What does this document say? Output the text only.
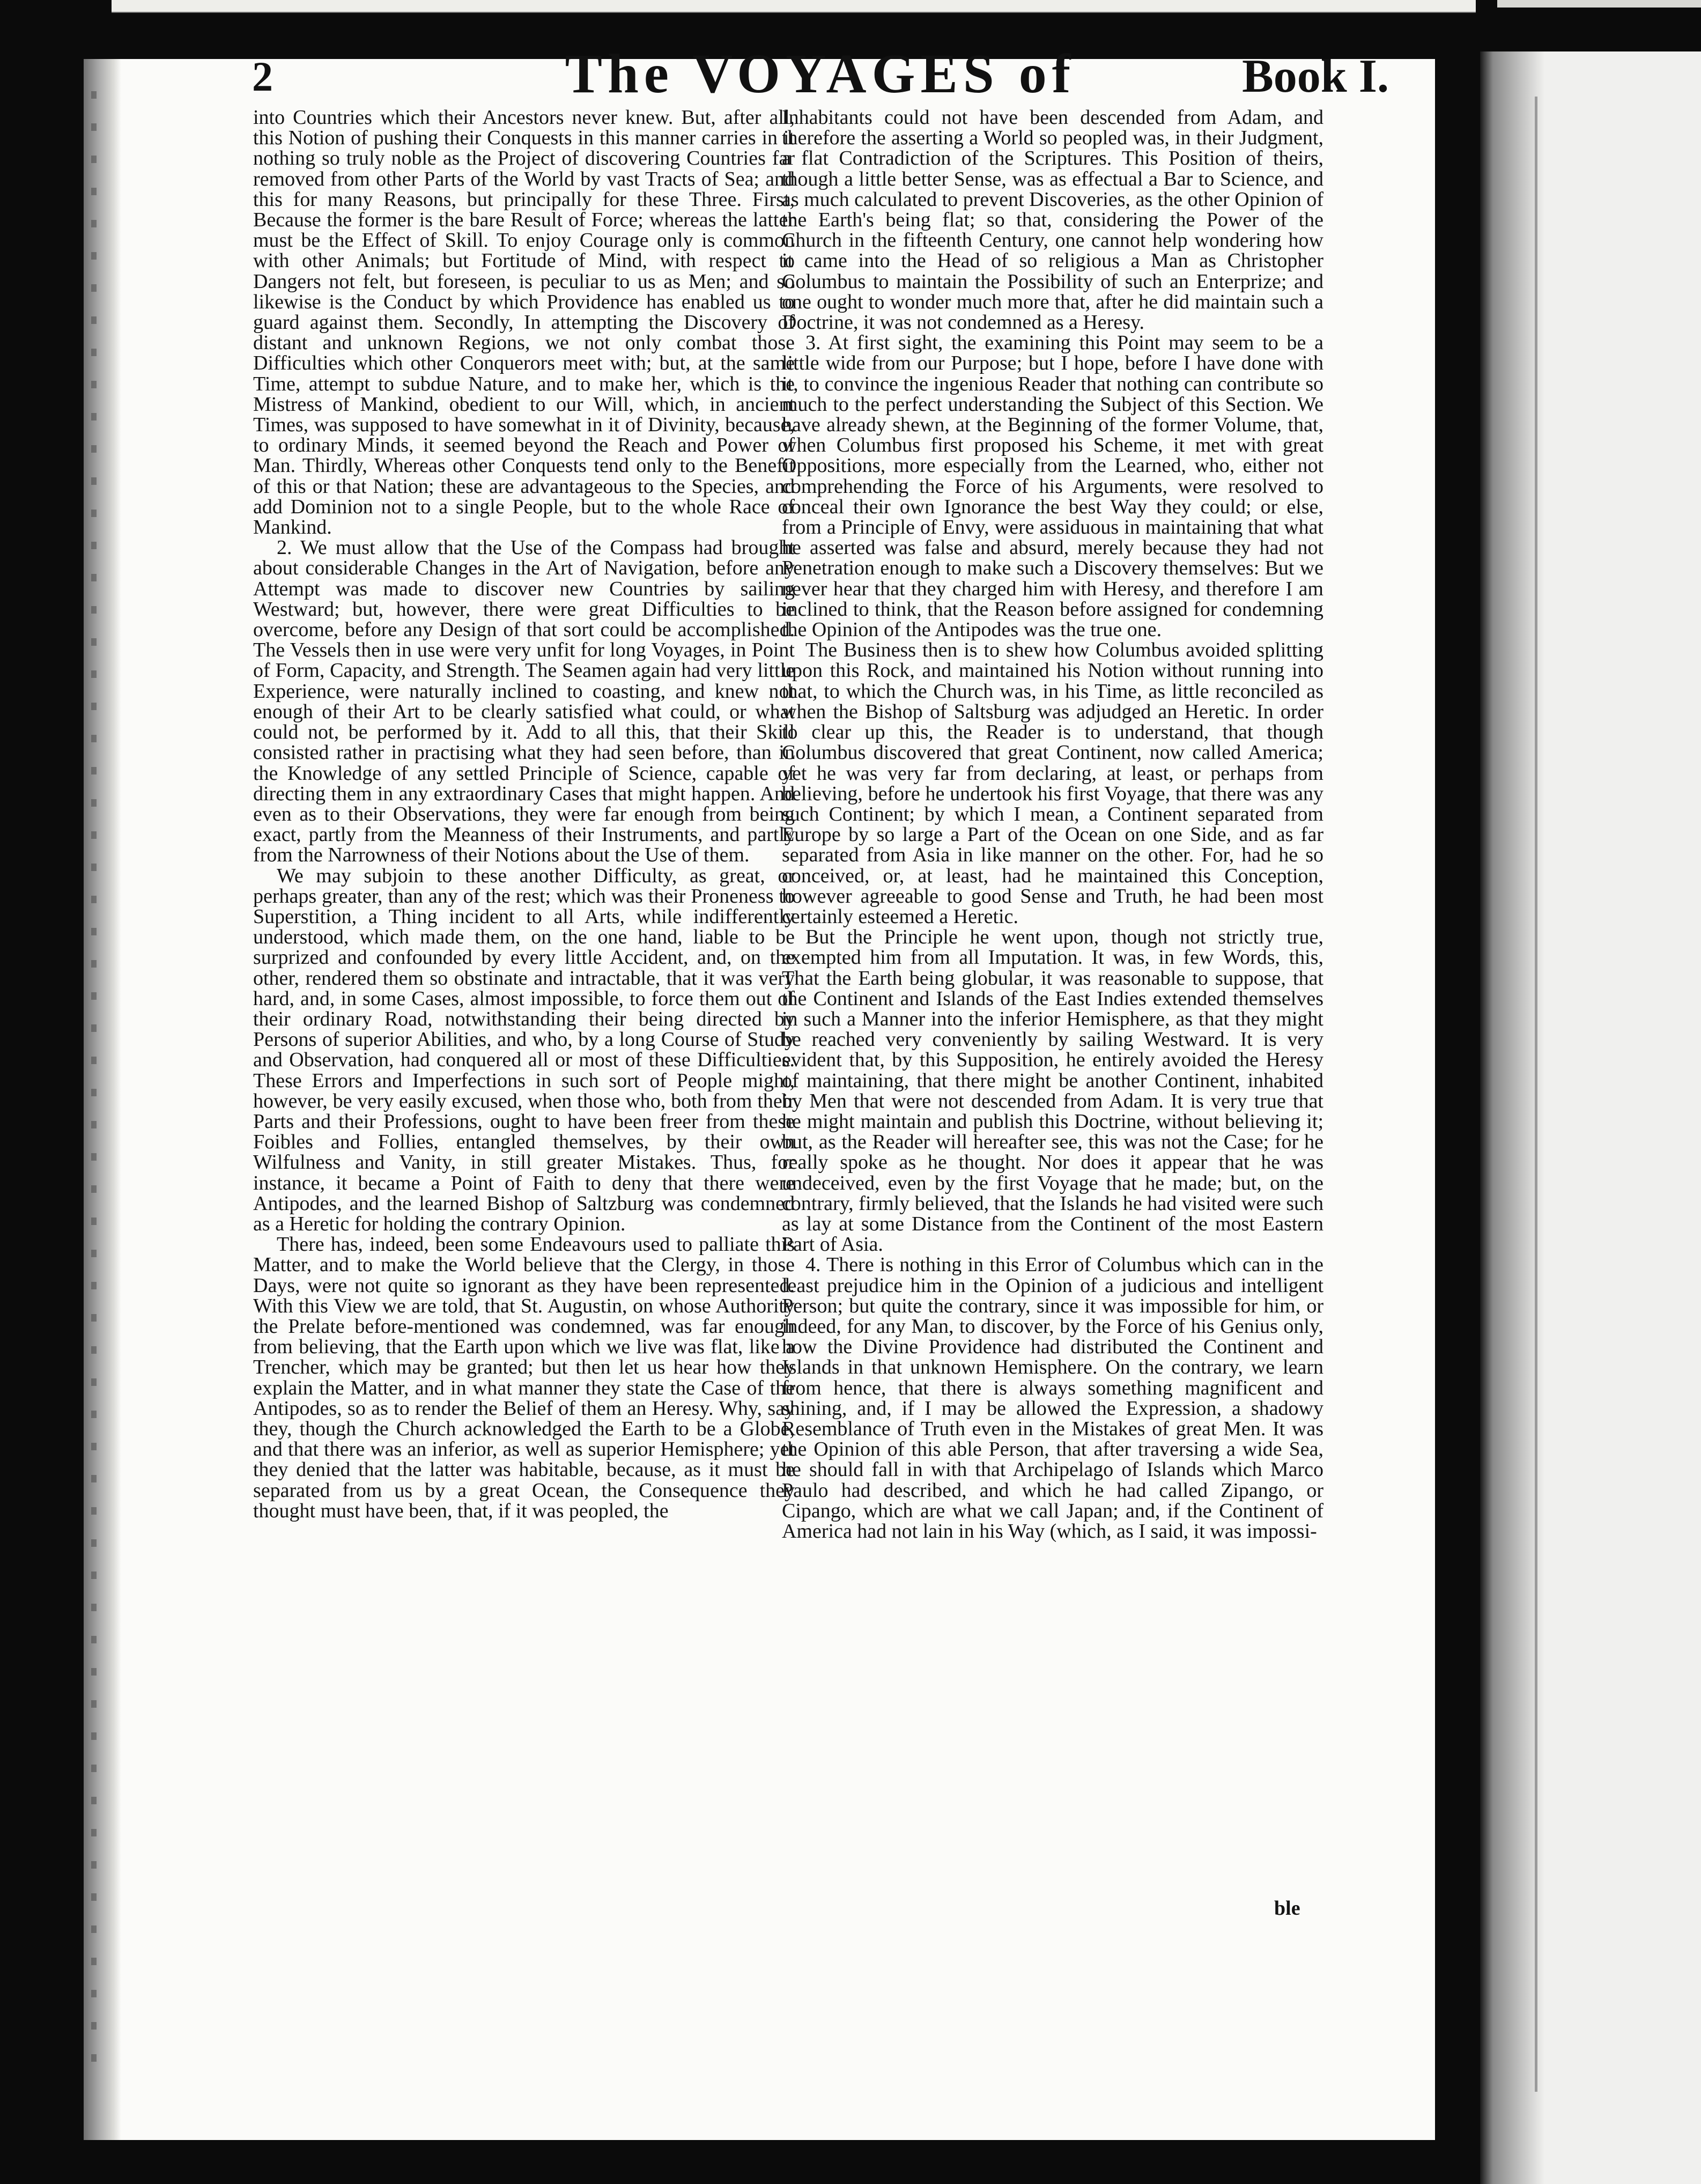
2	The VOYAGES of	Book I.

into Countries which their Ancestors never knew. But, after all, this Notion of pushing their Conquests in this manner carries in it nothing so truly noble as the Project of discovering Countries far removed from other Parts of the World by vast Tracts of Sea; and this for many Reasons, but principally for these Three. First, Because the former is the bare Result of Force; whereas the latter must be the Effect of Skill. To enjoy Courage only is common with other Animals; but Fortitude of Mind, with respect to Dangers not felt, but foreseen, is peculiar to us as Men; and so likewise is the Conduct by which Providence has enabled us to guard against them. Secondly, In attempting the Discovery of distant and unknown Regions, we not only combat those Difficulties which other Conquerors meet with; but, at the same Time, attempt to subdue Nature, and to make her, which is the Mistress of Mankind, obedient to our Will, which, in ancient Times, was supposed to have somewhat in it of Divinity, because, to ordinary Minds, it seemed beyond the Reach and Power of Man. Thirdly, Whereas other Conquests tend only to the Benefit of this or that Nation; these are advantageous to the Species, and add Dominion not to a single People, but to the whole Race of Mankind.

2. We must allow that the Use of the Compass had brought about considerable Changes in the Art of Navigation, before any Attempt was made to discover new Countries by sailing Westward; but, however, there were great Difficulties to be overcome, before any Design of that sort could be accomplished. The Vessels then in use were very unfit for long Voyages, in Point of Form, Capacity, and Strength. The Seamen again had very little Experience, were naturally inclined to coasting, and knew not enough of their Art to be clearly satisfied what could, or what could not, be performed by it. Add to all this, that their Skill consisted rather in practising what they had seen before, than in the Knowledge of any settled Principle of Science, capable of directing them in any extraordinary Cases that might happen. And even as to their Observations, they were far enough from being exact, partly from the Meanness of their Instruments, and partly from the Narrowness of their Notions about the Use of them.

We may subjoin to these another Difficulty, as great, or perhaps greater, than any of the rest; which was their Proneness to Superstition, a Thing incident to all Arts, while indifferently understood, which made them, on the one hand, liable to be surprized and confounded by every little Accident, and, on the other, rendered them so obstinate and intractable, that it was very hard, and, in some Cases, almost impossible, to force them out of their ordinary Road, notwithstanding their being directed by Persons of superior Abilities, and who, by a long Course of Study and Observation, had conquered all or most of these Difficulties. These Errors and Imperfections in such sort of People might, however, be very easily excused, when those who, both from their Parts and their Professions, ought to have been freer from these Foibles and Follies, entangled themselves, by their own Wilfulness and Vanity, in still greater Mistakes. Thus, for instance, it became a Point of Faith to deny that there were Antipodes, and the learned Bishop of Saltzburg was condemned as a Heretic for holding the contrary Opinion.

There has, indeed, been some Endeavours used to palliate this Matter, and to make the World believe that the Clergy, in those Days, were not quite so ignorant as they have been represented. With this View we are told, that St. Augustin, on whose Authority the Prelate before-mentioned was condemned, was far enough from believing, that the Earth upon which we live was flat, like a Trencher, which may be granted; but then let us hear how they explain the Matter, and in what manner they state the Case of the Antipodes, so as to render the Belief of them an Heresy. Why, say they, though the Church acknowledged the Earth to be a Globe, and that there was an inferior, as well as superior Hemisphere; yet they denied that the latter was habitable, because, as it must be separated from us by a great Ocean, the Consequence they thought must have been, that, if it was peopled, the

Inhabitants could not have been descended from Adam, and therefore the asserting a World so peopled was, in their Judgment, a flat Contradiction of the Scriptures. This Position of theirs, though a little better Sense, was as effectual a Bar to Science, and as much calculated to prevent Discoveries, as the other Opinion of the Earth's being flat; so that, considering the Power of the Church in the fifteenth Century, one cannot help wondering how it came into the Head of so religious a Man as Christopher Columbus to maintain the Possibility of such an Enterprize; and one ought to wonder much more that, after he did maintain such a Doctrine, it was not condemned as a Heresy.

3. At first sight, the examining this Point may seem to be a little wide from our Purpose; but I hope, before I have done with it, to convince the ingenious Reader that nothing can contribute so much to the perfect understanding the Subject of this Section. We have already shewn, at the Beginning of the former Volume, that, when Columbus first proposed his Scheme, it met with great Oppositions, more especially from the Learned, who, either not comprehending the Force of his Arguments, were resolved to conceal their own Ignorance the best Way they could; or else, from a Principle of Envy, were assiduous in maintaining that what he asserted was false and absurd, merely because they had not Penetration enough to make such a Discovery themselves: But we never hear that they charged him with Heresy, and therefore I am inclined to think, that the Reason before assigned for condemning the Opinion of the Antipodes was the true one.

The Business then is to shew how Columbus avoided splitting upon this Rock, and maintained his Notion without running into that, to which the Church was, in his Time, as little reconciled as when the Bishop of Saltsburg was adjudged an Heretic. In order to clear up this, the Reader is to understand, that though Columbus discovered that great Continent, now called America; yet he was very far from declaring, at least, or perhaps from believing, before he undertook his first Voyage, that there was any such Continent; by which I mean, a Continent separated from Europe by so large a Part of the Ocean on one Side, and as far separated from Asia in like manner on the other. For, had he so conceived, or, at least, had he maintained this Conception, however agreeable to good Sense and Truth, he had been most certainly esteemed a Heretic.

But the Principle he went upon, though not strictly true, exempted him from all Imputation. It was, in few Words, this, That the Earth being globular, it was reasonable to suppose, that the Continent and Islands of the East Indies extended themselves in such a Manner into the inferior Hemisphere, as that they might be reached very conveniently by sailing Westward. It is very evident that, by this Supposition, he entirely avoided the Heresy of maintaining, that there might be another Continent, inhabited by Men that were not descended from Adam. It is very true that he might maintain and publish this Doctrine, without believing it; but, as the Reader will hereafter see, this was not the Case; for he really spoke as he thought. Nor does it appear that he was undeceived, even by the first Voyage that he made; but, on the contrary, firmly believed, that the Islands he had visited were such as lay at some Distance from the Continent of the most Eastern Part of Asia.

4. There is nothing in this Error of Columbus which can in the least prejudice him in the Opinion of a judicious and intelligent Person; but quite the contrary, since it was impossible for him, or indeed, for any Man, to discover, by the Force of his Genius only, how the Divine Providence had distributed the Continent and Islands in that unknown Hemisphere. On the contrary, we learn from hence, that there is always something magnificent and shining, and, if I may be allowed the Expression, a shadowy Resemblance of Truth even in the Mistakes of great Men. It was the Opinion of this able Person, that after traversing a wide Sea, he should fall in with that Archipelago of Islands which Marco Paulo had described, and which he had called Zipango, or Cipango, which are what we call Japan; and, if the Continent of America had not lain in his Way (which, as I said, it was impossi-

ble
